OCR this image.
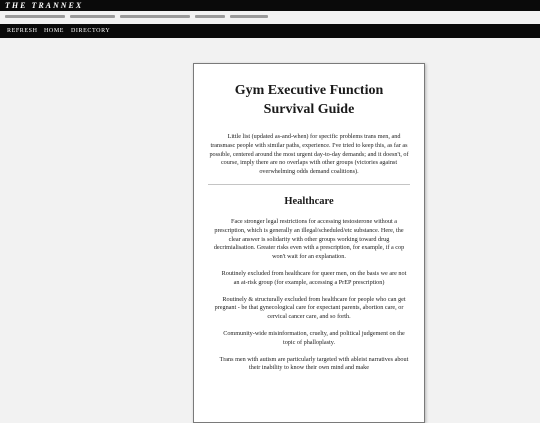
THE TRANNEX
REFRESH HOME DIRECTORY
Gym Executive Function Survival Guide

Little list (updated as-and-when) for specific problems trans men, and transmasc people with similar paths, experience. I've tried to keep this, as far as possible, centered around the most urgent day-to-day demands; and it doesn't, of course, imply there are no overlaps with other groups (victories against overwhelming odds demand coalitions).

Healthcare

Face stronger legal restrictions for accessing testosterone without a prescription, which is generally an illegal/scheduled/etc substance. Here, the clear answer is solidarity with other groups working toward drug decrimialisation. Greater risks even with a prescription, for example, if a cop won't wait for an explanation.

Routinely excluded from healthcare for queer men, on the basis we are not an at-risk group (for example, accessing a PrEP prescription)

Routinely & structurally excluded from healthcare for people who can get pregnant - be that gynecological care for expectant parents, abortion care, or cervical cancer care, and so forth.

Community-wide misinformation, cruelty, and political judgement on the topic of phalloplasty.

Trans men with autism are particularly targeted with ableist narratives about their inability to know their own mind and make
